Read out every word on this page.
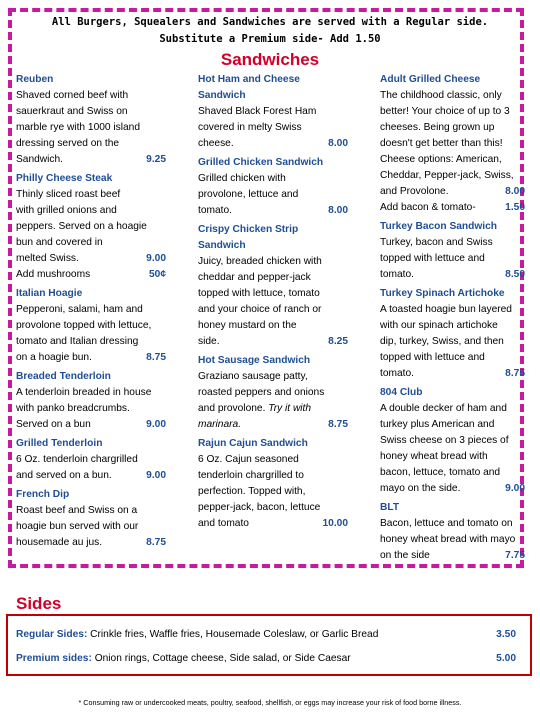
All Burgers, Squealers and Sandwiches are served with a Regular side.
Substitute a Premium side- Add 1.50
Sandwiches
Reuben
Shaved corned beef with
sauerkraut and Swiss on
marble rye with 1000 island
dressing served on the
Sandwich.	9.25
Philly Cheese Steak
Thinly sliced roast beef
with grilled onions and
peppers. Served on a hoagie
bun and covered in
melted Swiss.	9.00
Add mushrooms	50¢
Italian Hoagie
Pepperoni, salami, ham and
provolone topped with lettuce,
tomato and Italian dressing
on a hoagie bun.	8.75
Breaded Tenderloin
A tenderloin breaded in house
with panko breadcrumbs.
Served on a bun	9.00
Grilled Tenderloin
6 Oz. tenderloin chargrilled
and served on a bun.	9.00
French Dip
Roast beef and Swiss on a
hoagie bun served with our
housemade au jus.	8.75
Hot Ham and Cheese
Sandwich
Shaved Black Forest Ham
covered in melty Swiss
cheese.	8.00
Grilled Chicken Sandwich
Grilled chicken with
provolone, lettuce and
tomato.	8.00
Crispy Chicken Strip
Sandwich
Juicy, breaded chicken with
cheddar and pepper-jack
topped with lettuce, tomato
and your choice of ranch or
honey mustard on the
side.	8.25
Hot Sausage Sandwich
Graziano sausage patty,
roasted peppers and onions
and provolone. Try it with
marinara.	8.75
Rajun Cajun Sandwich
6 Oz. Cajun seasoned
tenderloin chargrilled to
perfection. Topped with,
pepper-jack, bacon, lettuce
and tomato	10.00
Adult Grilled Cheese
The childhood classic, only
better! Your choice of up to 3
cheeses. Being grown up
doesn't get better than this!
Cheese options: American,
Cheddar, Pepper-jack, Swiss,
and Provolone.	8.00
Add bacon & tomato-	1.50
Turkey Bacon Sandwich
Turkey, bacon and Swiss
topped with lettuce and
tomato.	8.50
Turkey Spinach Artichoke
A toasted hoagie bun layered
with our spinach artichoke
dip, turkey, Swiss, and then
topped with lettuce and
tomato.	8.75
804 Club
A double decker of ham and
turkey plus American and
Swiss cheese on 3 pieces of
honey wheat bread with
bacon, lettuce, tomato and
mayo on the side.	9.00
BLT
Bacon, lettuce and tomato on
honey wheat bread with mayo
on the side	7.75
Sides
Regular Sides: Crinkle fries, Waffle fries, Housemade Coleslaw, or Garlic Bread	3.50
Premium sides: Onion rings, Cottage cheese, Side salad, or Side Caesar	5.00
* Consuming raw or undercooked meats, poultry, seafood, shellfish, or eggs may increase your risk of food borne illness.
